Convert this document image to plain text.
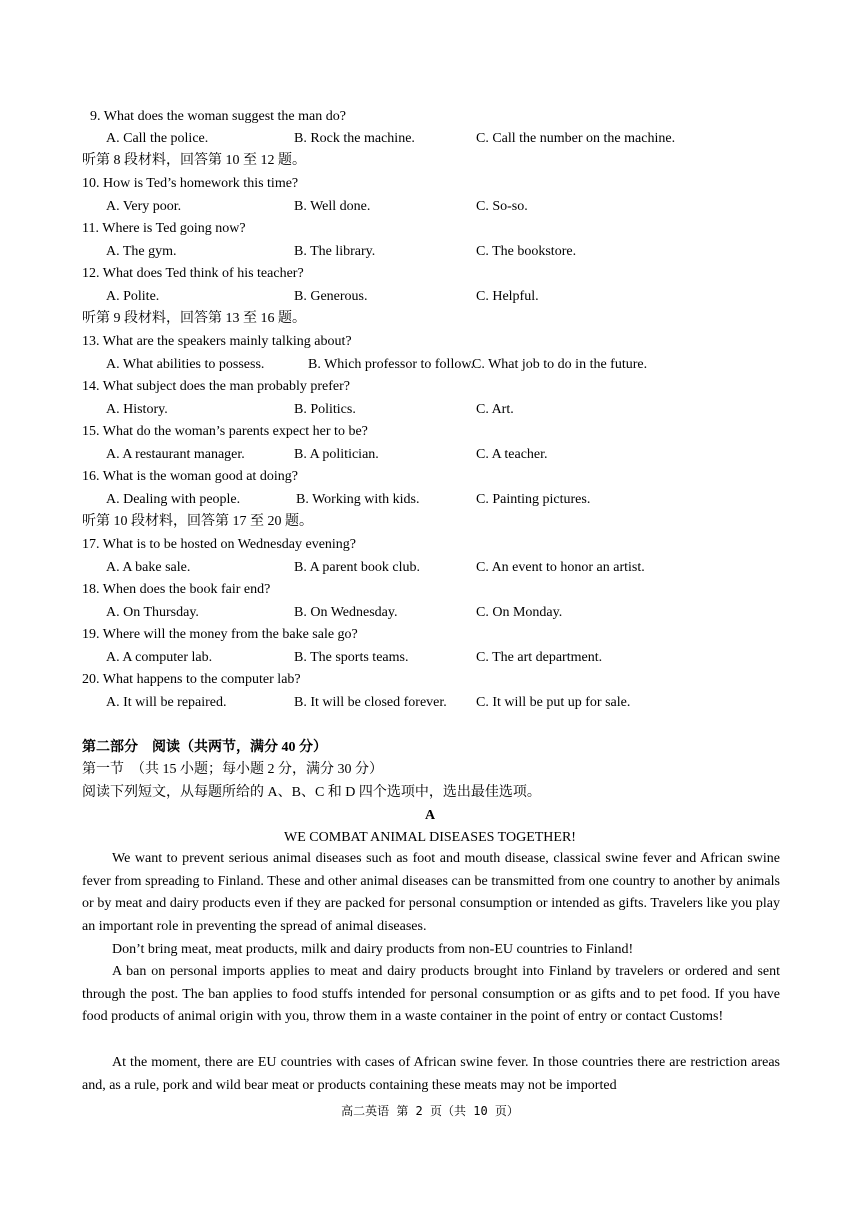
9. What does the woman suggest the man do?
A. Call the police.	B. Rock the machine.	C. Call the number on the machine.
听第 8 段材料，回答第 10 至 12 题。
10. How is Ted’s homework this time?
A. Very poor.	B. Well done.	C. So-so.
11. Where is Ted going now?
A. The gym.	B. The library.	C. The bookstore.
12. What does Ted think of his teacher?
A. Polite.	B. Generous.	C. Helpful.
听第 9 段材料，回答第 13 至 16 题。
13. What are the speakers mainly talking about?
A. What abilities to possess.	B. Which professor to follow.
C. What job to do in the future.
14. What subject does the man probably prefer?
A. History.	B. Politics.	C. Art.
15. What do the woman’s parents expect her to be?
A. A restaurant manager.	B. A politician.	C. A teacher.
16. What is the woman good at doing?
A. Dealing with people.	B. Working with kids.	C. Painting pictures.
听第 10 段材料，回答第 17 至 20 题。
17. What is to be hosted on Wednesday evening?
A. A bake sale.	B. A parent book club.	C. An event to honor an artist.
18. When does the book fair end?
A. On Thursday.	B. On Wednesday.	C. On Monday.
19. Where will the money from the bake sale go?
A. A computer lab.	B. The sports teams.	C. The art department.
20. What happens to the computer lab?
A. It will be repaired.	B. It will be closed forever. C. It will be put up for sale.
第二部分　阅读（共两节，满分 40 分）
第一节　（共 15 小题；每小题 2 分，满分 30 分）
阅读下列短文，从每题所给的 A、B、C 和 D 四个选项中，选出最佳选项。
A
WE COMBAT ANIMAL DISEASES TOGETHER!
We want to prevent serious animal diseases such as foot and mouth disease, classical swine fever and African swine fever from spreading to Finland. These and other animal diseases can be transmitted from one country to another by animals or by meat and dairy products even if they are packed for personal consumption or intended as gifts. Travelers like you play an important role in preventing the spread of animal diseases.
Don’t bring meat, meat products, milk and dairy products from non-EU countries to Finland!
A ban on personal imports applies to meat and dairy products brought into Finland by travelers or ordered and sent through the post. The ban applies to food stuffs intended for personal consumption or as gifts and to pet food. If you have food products of animal origin with you, throw them in a waste container in the point of entry or contact Customs!
At the moment, there are EU countries with cases of African swine fever. In those countries there are restriction areas and, as a rule, pork and wild bear meat or products containing these meats may not be imported
高二英语 第 2 页（共 10 页）
